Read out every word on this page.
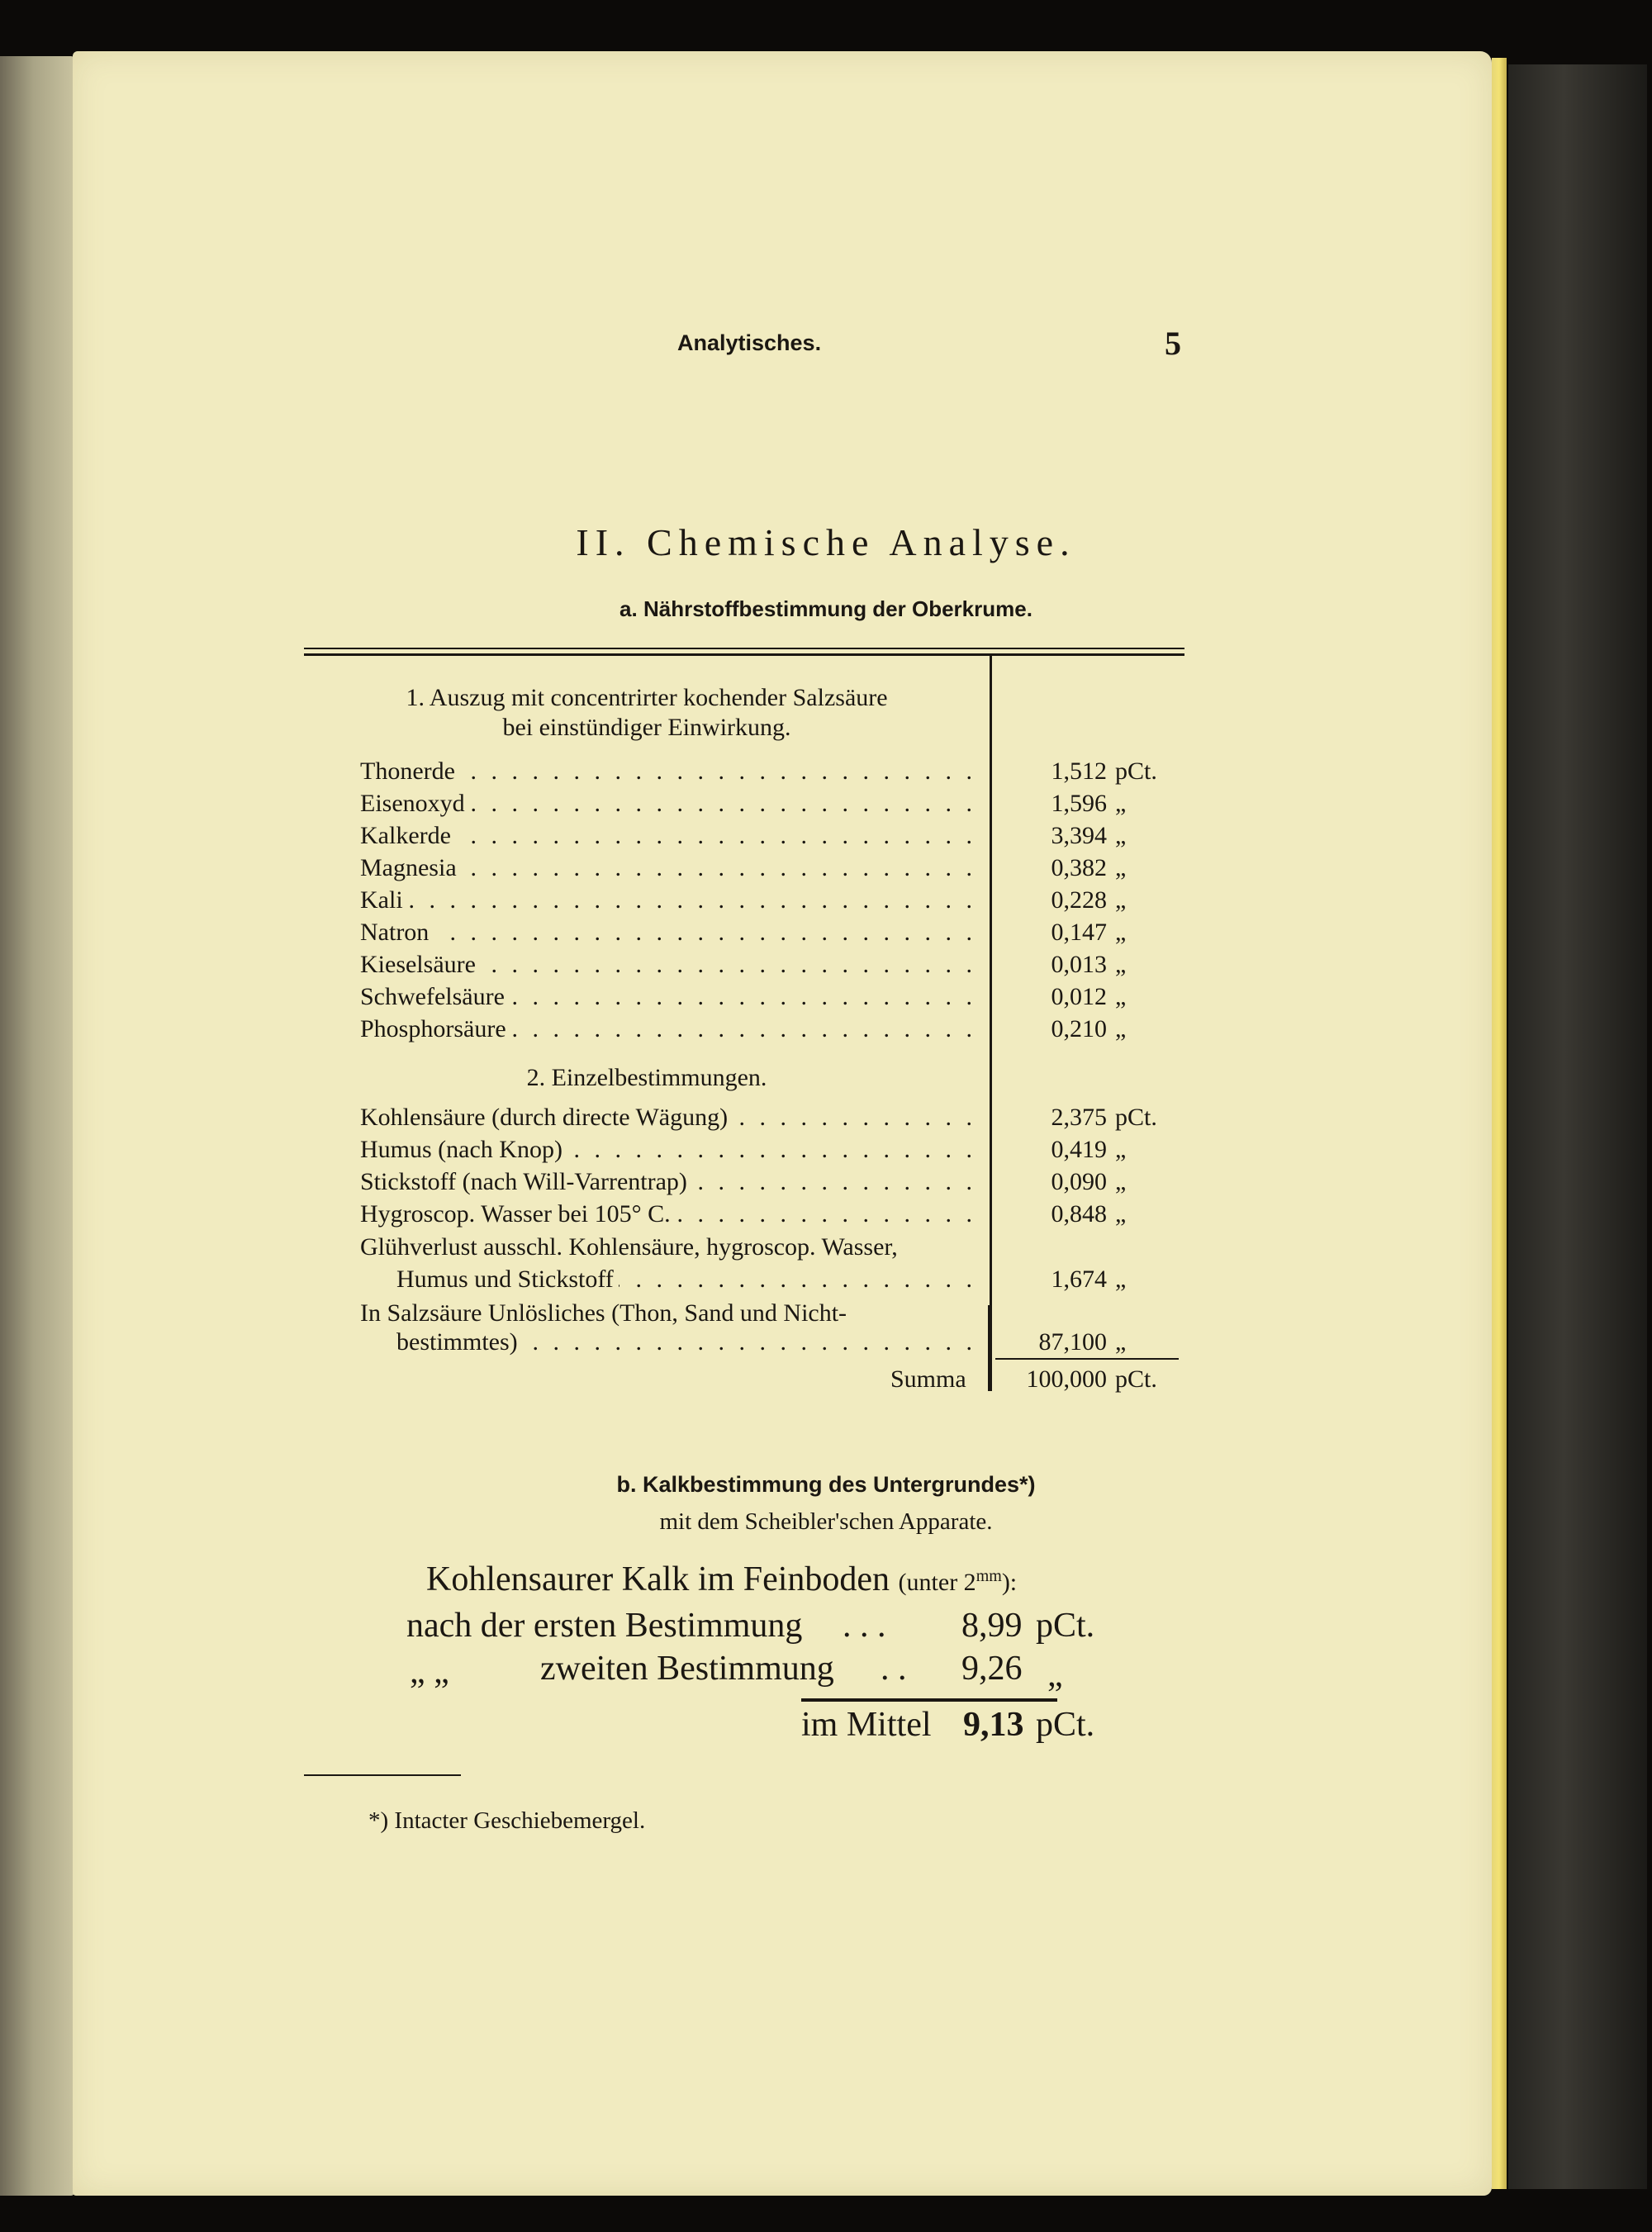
Analytisches.	5
II. Chemische Analyse.
a. Nährstoffbestimmung der Oberkrume.
1. Auszug mit concentrirter kochender Salzsäure
bei einstündiger Einwirkung.
Thonerde . . .	1,512 pCt.
Eisenoxyd . . .	1,596 „
Kalkerde . . .	3,394 „
Magnesia . . .	0,382 „
Kali . . .	0,228 „
Natron . . .	0,147 „
Kieselsäure . . .	0,013 „
Schwefelsäure . . .	0,012 „
Phosphorsäure . . .	0,210 „
2. Einzelbestimmungen.
Kohlensäure (durch directe Wägung) . . .	2,375 pCt.
Humus (nach Knop) . . .	0,419 „
Stickstoff (nach Will-Varrentrap) . . .	0,090 „
Hygroscop. Wasser bei 105° C. . . .	0,848 „
Glühverlust ausschl. Kohlensäure, hygroscop. Wasser,
Humus und Stickstoff . . .	1,674 „
In Salzsäure Unlösliches (Thon, Sand und Nicht-
bestimmtes) . . .	87,100 „
Summa 100,000 pCt.
b. Kalkbestimmung des Untergrundes*)
mit dem Scheibler'schen Apparate.
Kohlensaurer Kalk im Feinboden (unter $2^{mm}$):
nach der ersten Bestimmung . . . 8,99 pCt.
„ „	zweiten Bestimmung . . 9,26 „
im Mittel 9,13 pCt.
*) Intacter Geschiebemergel.
